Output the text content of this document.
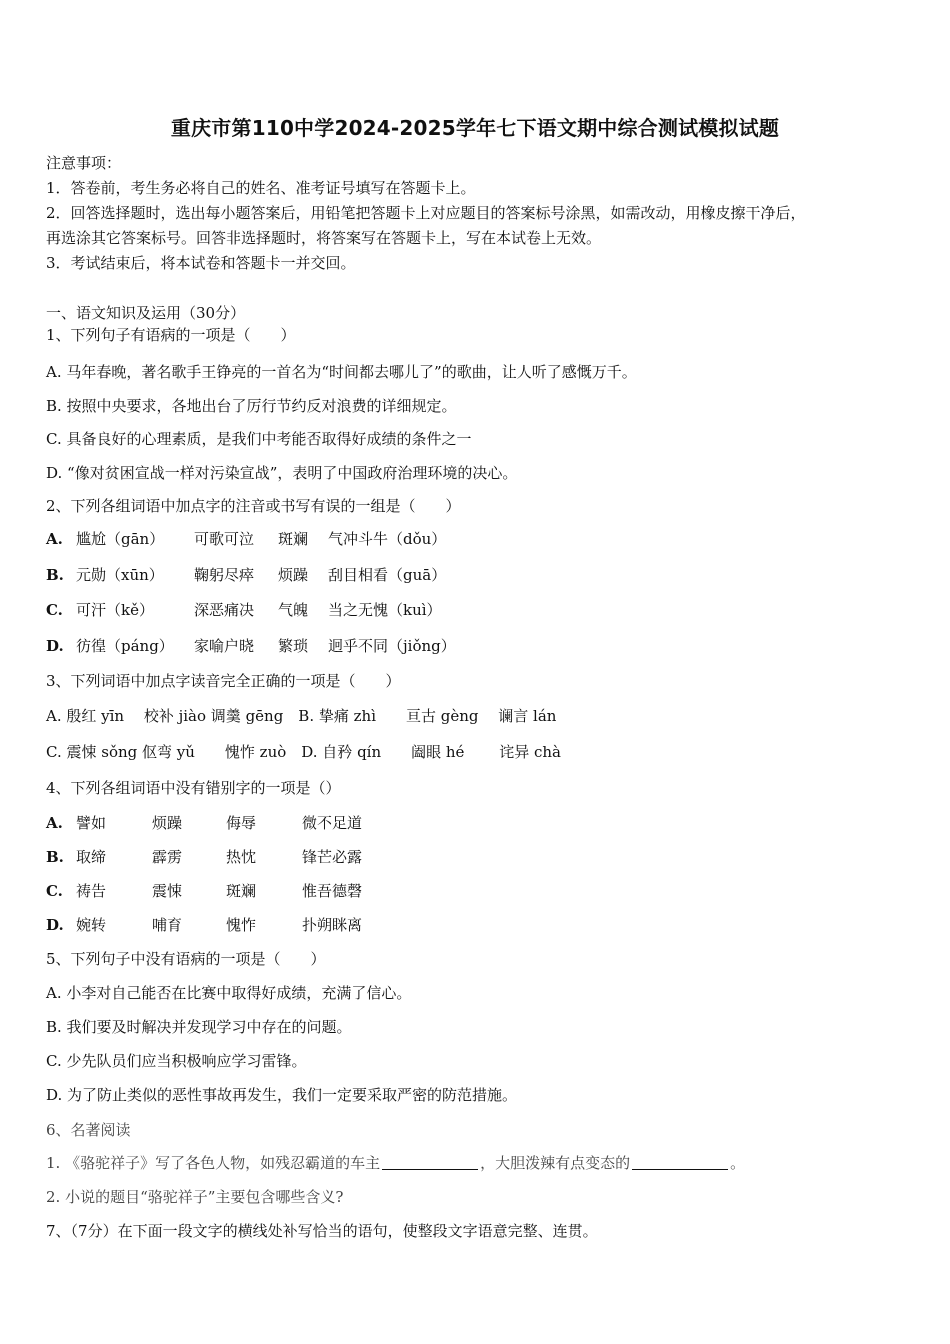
重庆市第110中学2024-2025学年七下语文期中综合测试模拟试题
注意事项：
1．答卷前，考生务必将自己的姓名、准考证号填写在答题卡上。
2．回答选择题时，选出每小题答案后，用铅笔把答题卡上对应题目的答案标号涂黑，如需改动，用橡皮擦干净后，
再选涂其它答案标号。回答非选择题时，将答案写在答题卡上，写在本试卷上无效。
3．考试结束后，将本试卷和答题卡一并交回。
一、语文知识及运用（30分）
1、下列句子有语病的一项是（　　）
A. 马年春晚，著名歌手王铮亮的一首名为“时间都去哪儿了”的歌曲，让人听了感慨万千。
B. 按照中央要求，各地出台了厉行节约反对浪费的详细规定。
C. 具备良好的心理素质，是我们中考能否取得好成绩的条件之一
D. “像对贫困宣战一样对污染宣战”，表明了中国政府治理环境的决心。
2、下列各组词语中加点字的注音或书写有误的一组是（　　）
A. 尴尬（gān） 可歌可泣 斑斓 气冲斗牛（dǒu）
B. 元勋（xūn） 鞠躬尽瘁 烦躁 刮目相看（guā）
C. 可汗（kě）	深恶痛决 气魄 当之无愧（kuì）
D. 彷徨（páng） 家喻户晓 繁琐 迥乎不同（jiǒng）
3、下列词语中加点字读音完全正确的一项是（　　）
A. 殷红 yīn　 校补 jiào 调羹 gēng　B. 挚痛 zhì　　亘古 gèng　 谰言 lán
C. 震悚 sǒng 伛弯 yǔ　　愧怍 zuò　D. 自矜 qín　　阖眼 hé　　 诧异 chà
4、下列各组词语中没有错别字的一项是（）
A. 譬如	烦躁	侮辱	微不足道
B. 取缔	霹雳	热忱	锋芒必露
C. 祷告	震悚	斑斓	惟吾德磬
D. 婉转	哺育	愧怍	扑朔眯离
5、下列句子中没有语病的一项是（　　）
A. 小李对自己能否在比赛中取得好成绩，充满了信心。
B. 我们要及时解决并发现学习中存在的问题。
C. 少先队员们应当积极响应学习雷锋。
D. 为了防止类似的恶性事故再发生，我们一定要采取严密的防范措施。
6、名著阅读
1. 《骆驼祥子》写了各色人物，如残忍霸道的车主	，大胆泼辣有点变态的	。
2. 小说的题目“骆驼祥子”主要包含哪些含义?
7、（7分）在下面一段文字的横线处补写恰当的语句，使整段文字语意完整、连贯。
